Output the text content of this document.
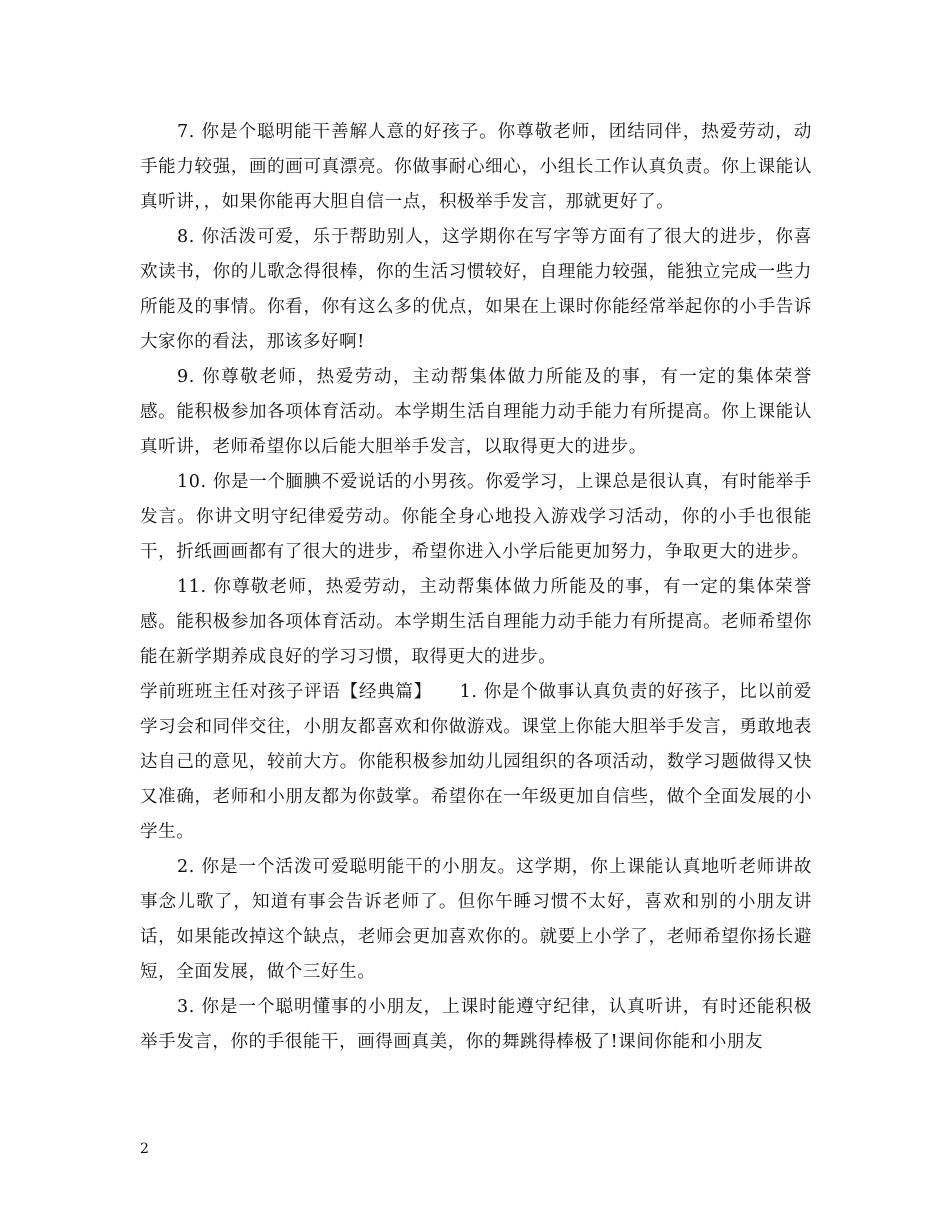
7. 你是个聪明能干善解人意的好孩子。你尊敬老师，团结同伴，热爱劳动，动手能力较强，画的画可真漂亮。你做事耐心细心，小组长工作认真负责。你上课能认真听讲，，如果你能再大胆自信一点，积极举手发言，那就更好了。

8. 你活泼可爱，乐于帮助别人，这学期你在写字等方面有了很大的进步，你喜欢读书，你的儿歌念得很棒，你的生活习惯较好，自理能力较强，能独立完成一些力所能及的事情。你看，你有这么多的优点，如果在上课时你能经常举起你的小手告诉大家你的看法，那该多好啊!

9. 你尊敬老师，热爱劳动，主动帮集体做力所能及的事，有一定的集体荣誉感。能积极参加各项体育活动。本学期生活自理能力动手能力有所提高。你上课能认真听讲，老师希望你以后能大胆举手发言，以取得更大的进步。

10. 你是一个腼腆不爱说话的小男孩。你爱学习，上课总是很认真，有时能举手发言。你讲文明守纪律爱劳动。你能全身心地投入游戏学习活动，你的小手也很能干，折纸画画都有了很大的进步，希望你进入小学后能更加努力，争取更大的进步。

11. 你尊敬老师，热爱劳动，主动帮集体做力所能及的事，有一定的集体荣誉感。能积极参加各项体育活动。本学期生活自理能力动手能力有所提高。老师希望你能在新学期养成良好的学习习惯，取得更大的进步。

学前班班主任对孩子评语【经典篇】　　1. 你是个做事认真负责的好孩子，比以前爱学习会和同伴交往，小朋友都喜欢和你做游戏。课堂上你能大胆举手发言，勇敢地表达自己的意见，较前大方。你能积极参加幼儿园组织的各项活动，数学习题做得又快又准确，老师和小朋友都为你鼓掌。希望你在一年级更加自信些，做个全面发展的小学生。

2. 你是一个活泼可爱聪明能干的小朋友。这学期，你上课能认真地听老师讲故事念儿歌了，知道有事会告诉老师了。但你午睡习惯不太好，喜欢和别的小朋友讲话，如果能改掉这个缺点，老师会更加喜欢你的。就要上小学了，老师希望你扬长避短，全面发展，做个三好生。

3. 你是一个聪明懂事的小朋友，上课时能遵守纪律，认真听讲，有时还能积极举手发言，你的手很能干，画得画真美，你的舞跳得棒极了!课间你能和小朋友

2
